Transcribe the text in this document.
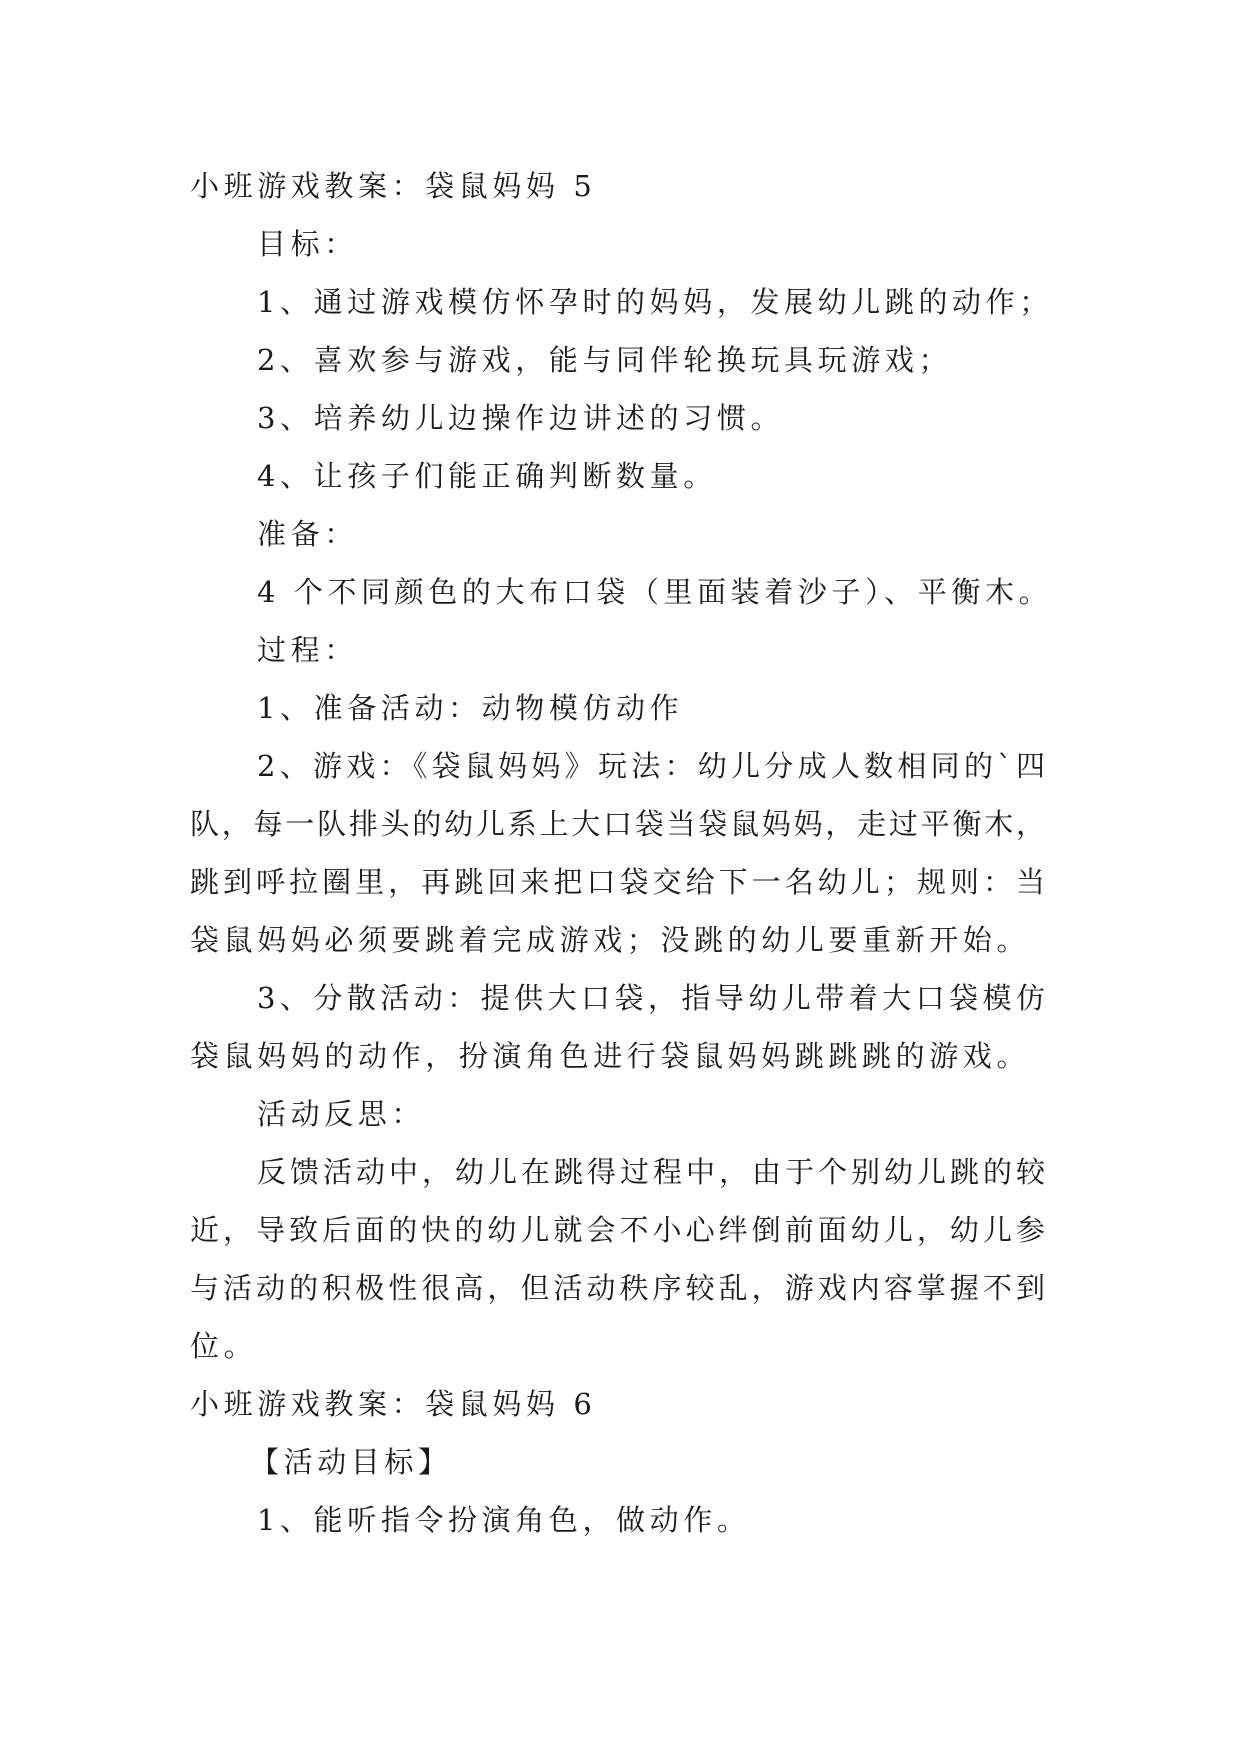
小班游戏教案：袋鼠妈妈 5
目标：
1、通过游戏模仿怀孕时的妈妈，发展幼儿跳的动作；
2、喜欢参与游戏，能与同伴轮换玩具玩游戏；
3、培养幼儿边操作边讲述的习惯。
4、让孩子们能正确判断数量。
准备：
4 个不同颜色的大布口袋（里面装着沙子）、平衡木。
过程：
1、准备活动：动物模仿动作
2、游戏：《袋鼠妈妈》玩法：幼儿分成人数相同的`四
队，每一队排头的幼儿系上大口袋当袋鼠妈妈，走过平衡木，
跳到呼拉圈里，再跳回来把口袋交给下一名幼儿；规则：当
袋鼠妈妈必须要跳着完成游戏；没跳的幼儿要重新开始。
3、分散活动：提供大口袋，指导幼儿带着大口袋模仿
袋鼠妈妈的动作，扮演角色进行袋鼠妈妈跳跳跳的游戏。
活动反思：
反馈活动中，幼儿在跳得过程中，由于个别幼儿跳的较
近，导致后面的快的幼儿就会不小心绊倒前面幼儿，幼儿参
与活动的积极性很高，但活动秩序较乱，游戏内容掌握不到
位。
小班游戏教案：袋鼠妈妈 6
【活动目标】
1、能听指令扮演角色，做动作。
